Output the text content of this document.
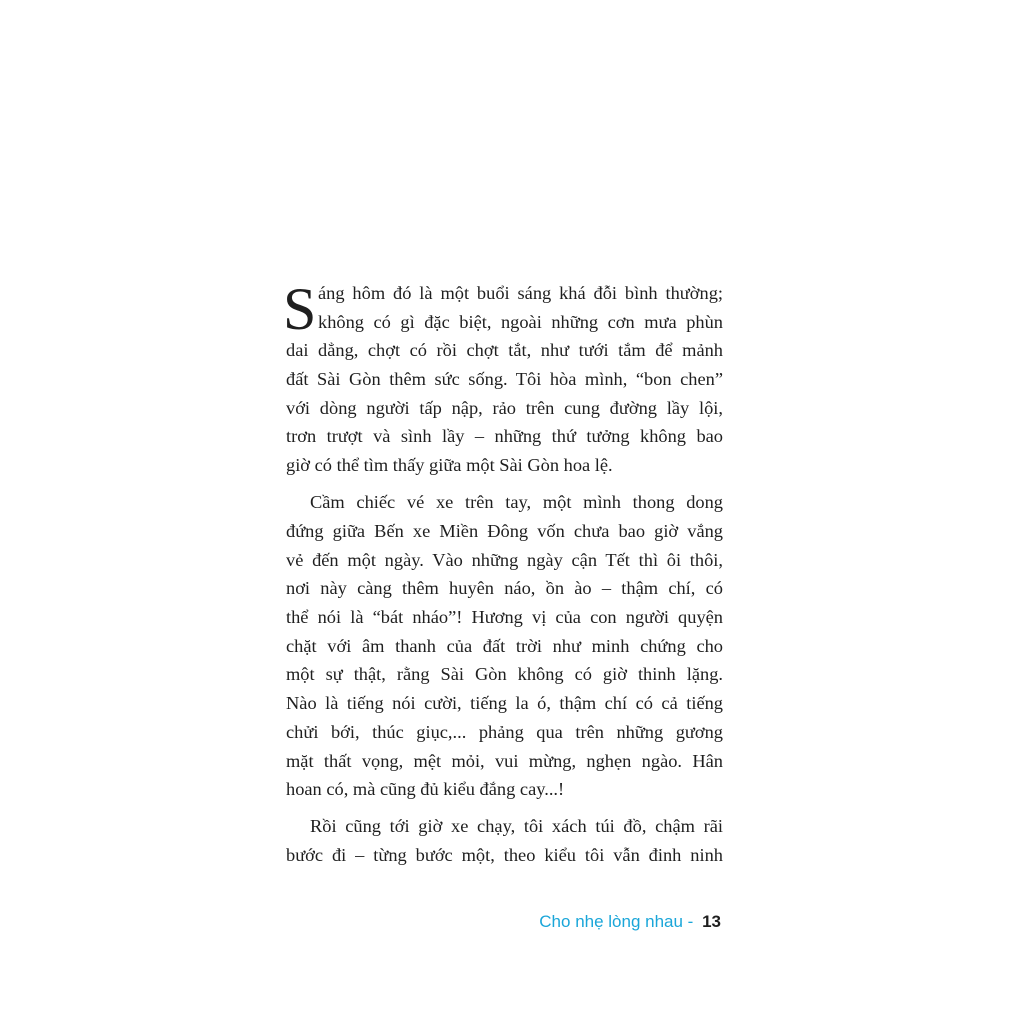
S áng hôm đó là một buổi sáng khá đỗi bình thường;
không có gì đặc biệt, ngoài những cơn mưa phùn
dai dẳng, chợt có rồi chợt tắt, như tưới tắm để mảnh
đất Sài Gòn thêm sức sống. Tôi hòa mình, “bon chen”
với dòng người tấp nập, rảo trên cung đường lầy lội,
trơn trượt và sình lầy – những thứ tưởng không bao
giờ có thể tìm thấy giữa một Sài Gòn hoa lệ.
Cầm chiếc vé xe trên tay, một mình thong dong
đứng giữa Bến xe Miền Đông vốn chưa bao giờ vắng
vẻ đến một ngày. Vào những ngày cận Tết thì ôi thôi,
nơi này càng thêm huyên náo, ồn ào – thậm chí, có
thể nói là “bát nháo”! Hương vị của con người quyện
chặt với âm thanh của đất trời như minh chứng cho
một sự thật, rằng Sài Gòn không có giờ thinh lặng.
Nào là tiếng nói cười, tiếng la ó, thậm chí có cả tiếng
chửi bới, thúc giục,... phảng qua trên những gương
mặt thất vọng, mệt mỏi, vui mừng, nghẹn ngào. Hân
hoan có, mà cũng đủ kiểu đắng cay...!
Rồi cũng tới giờ xe chạy, tôi xách túi đồ, chậm rãi
bước đi – từng bước một, theo kiểu tôi vẫn đinh ninh
Cho nhẹ lòng nhau - 13
